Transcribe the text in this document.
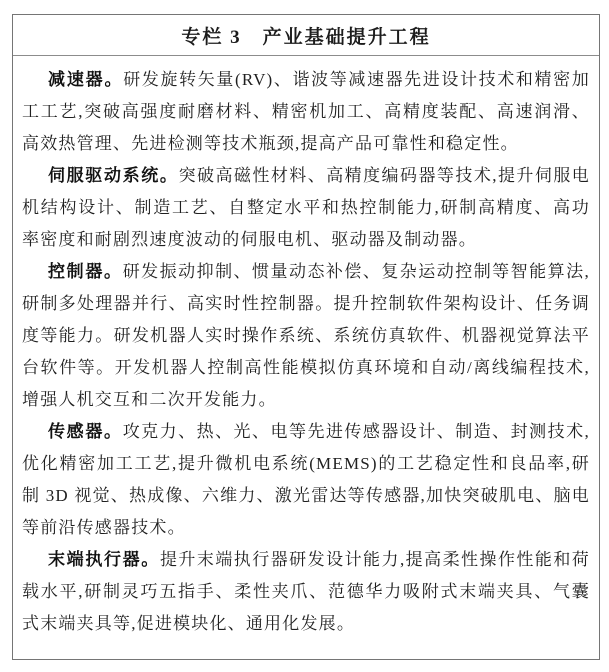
专栏 3　产业基础提升工程

减速器。研发旋转矢量(RV)、谐波等减速器先进设计技术和精密加工工艺,突破高强度耐磨材料、精密机加工、高精度装配、高速润滑、高效热管理、先进检测等技术瓶颈,提高产品可靠性和稳定性。

伺服驱动系统。突破高磁性材料、高精度编码器等技术,提升伺服电机结构设计、制造工艺、自整定水平和热控制能力,研制高精度、高功率密度和耐剧烈速度波动的伺服电机、驱动器及制动器。

控制器。研发振动抑制、惯量动态补偿、复杂运动控制等智能算法,研制多处理器并行、高实时性控制器。提升控制软件架构设计、任务调度等能力。研发机器人实时操作系统、系统仿真软件、机器视觉算法平台软件等。开发机器人控制高性能模拟仿真环境和自动/离线编程技术,增强人机交互和二次开发能力。

传感器。攻克力、热、光、电等先进传感器设计、制造、封测技术,优化精密加工工艺,提升微机电系统(MEMS)的工艺稳定性和良品率,研制 3D 视觉、热成像、六维力、激光雷达等传感器,加快突破肌电、脑电等前沿传感器技术。

末端执行器。提升末端执行器研发设计能力,提高柔性操作性能和荷载水平,研制灵巧五指手、柔性夹爪、范德华力吸附式末端夹具、气囊式末端夹具等,促进模块化、通用化发展。
